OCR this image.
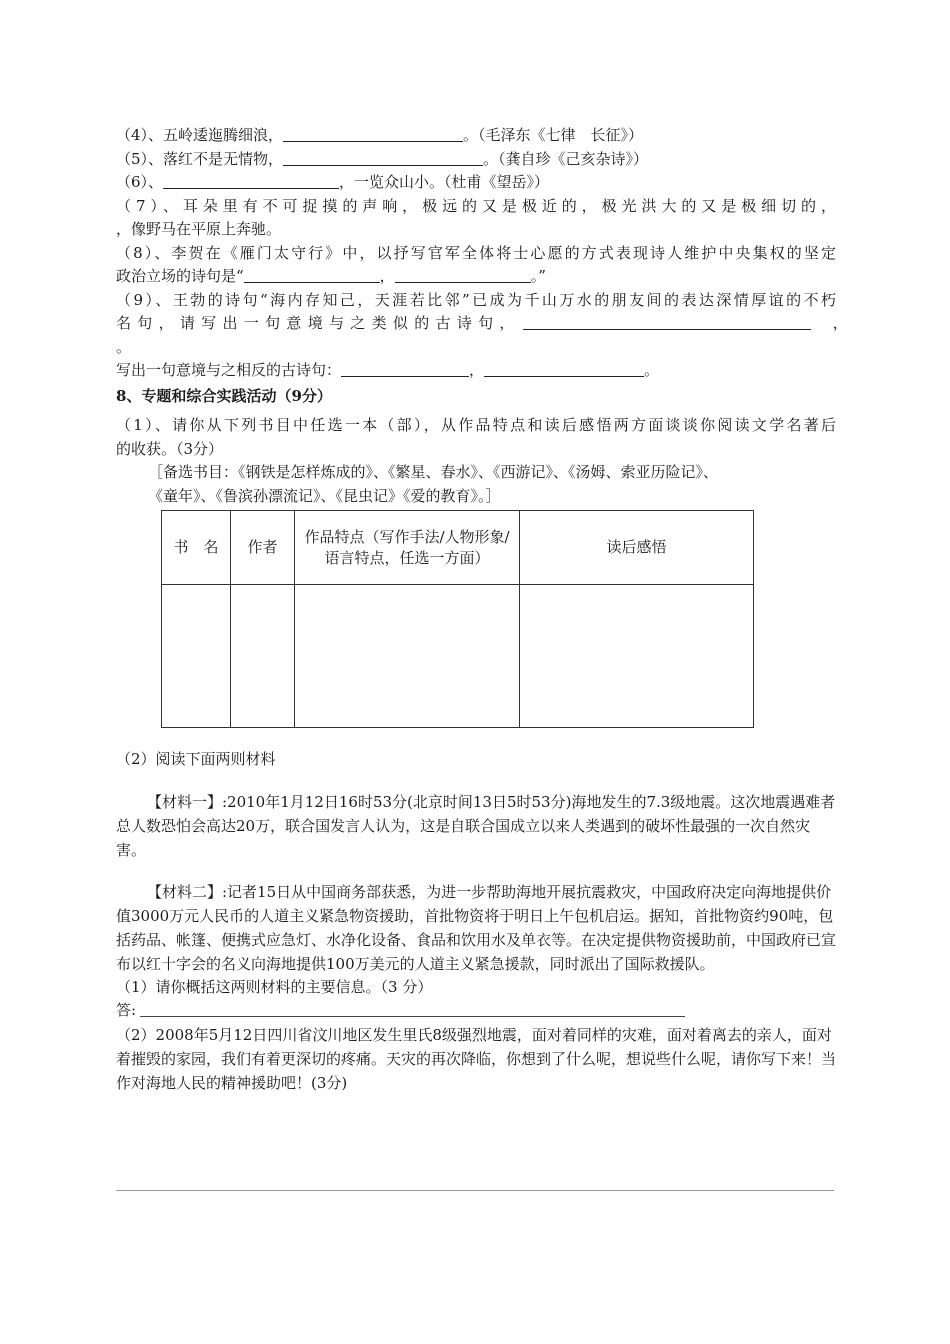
（4）、五岭逶迤腾细浪，	。（毛泽东《七律　长征》）

（5）、落红不是无情物，	。（龚自珍《己亥杂诗》）

（6）、	，一览众山小。（杜甫《望岳》）

（7）、耳朵里有不可捉摸的声响，极远的又是极近的，极光洪大的又是极细切的，

，像野马在平原上奔驰。

（8）、李贺在《雁门太守行》中，以抒写官军全体将士心愿的方式表现诗人维护中央集权的坚定

政治立场的诗句是“	，	。”

（9）、王勃的诗句“海内存知己，天涯若比邻”已成为千山万水的朋友间的表达深情厚谊的不朽

名句，请写出一句意境与之类似的古诗句，	，

。

写出一句意境与之相反的古诗句：	，	。

8、专题和综合实践活动（9分）

（1）、请你从下列书目中任选一本（部），从作品特点和读后感悟两方面谈谈你阅读文学名著后

的收获。（3分）

［备选书目：《钢铁是怎样炼成的》、《繁星、春水》、《西游记》、《汤姆、索亚历险记》、

《童年》、《鲁滨孙漂流记》、《昆虫记》《爱的教育》。］

书　名	作者	作品特点（写作手法/人物形象/语言特点，任选一方面）	读后感悟

（2）阅读下面两则材料

【材料一】:2010年1月12日16时53分(北京时间13日5时53分)海地发生的7.3级地震。这次地震遇难者总人数恐怕会高达20万，联合国发言人认为，这是自联合国成立以来人类遇到的破坏性最强的一次自然灾害。

【材料二】:记者15日从中国商务部获悉，为进一步帮助海地开展抗震救灾，中国政府决定向海地提供价值3000万元人民币的人道主义紧急物资援助，首批物资将于明日上午包机启运。据知，首批物资约90吨，包括药品、帐篷、便携式应急灯、水净化设备、食品和饮用水及单衣等。在决定提供物资援助前，中国政府已宣布以红十字会的名义向海地提供100万美元的人道主义紧急援款，同时派出了国际救援队。

（1）请你概括这两则材料的主要信息。（3 分）

答:

（2）2008年5月12日四川省汶川地区发生里氏8级强烈地震，面对着同样的灾难，面对着离去的亲人，面对着摧毁的家园，我们有着更深切的疼痛。天灾的再次降临，你想到了什么呢，想说些什么呢，请你写下来！当作对海地人民的精神援助吧！(3分)
